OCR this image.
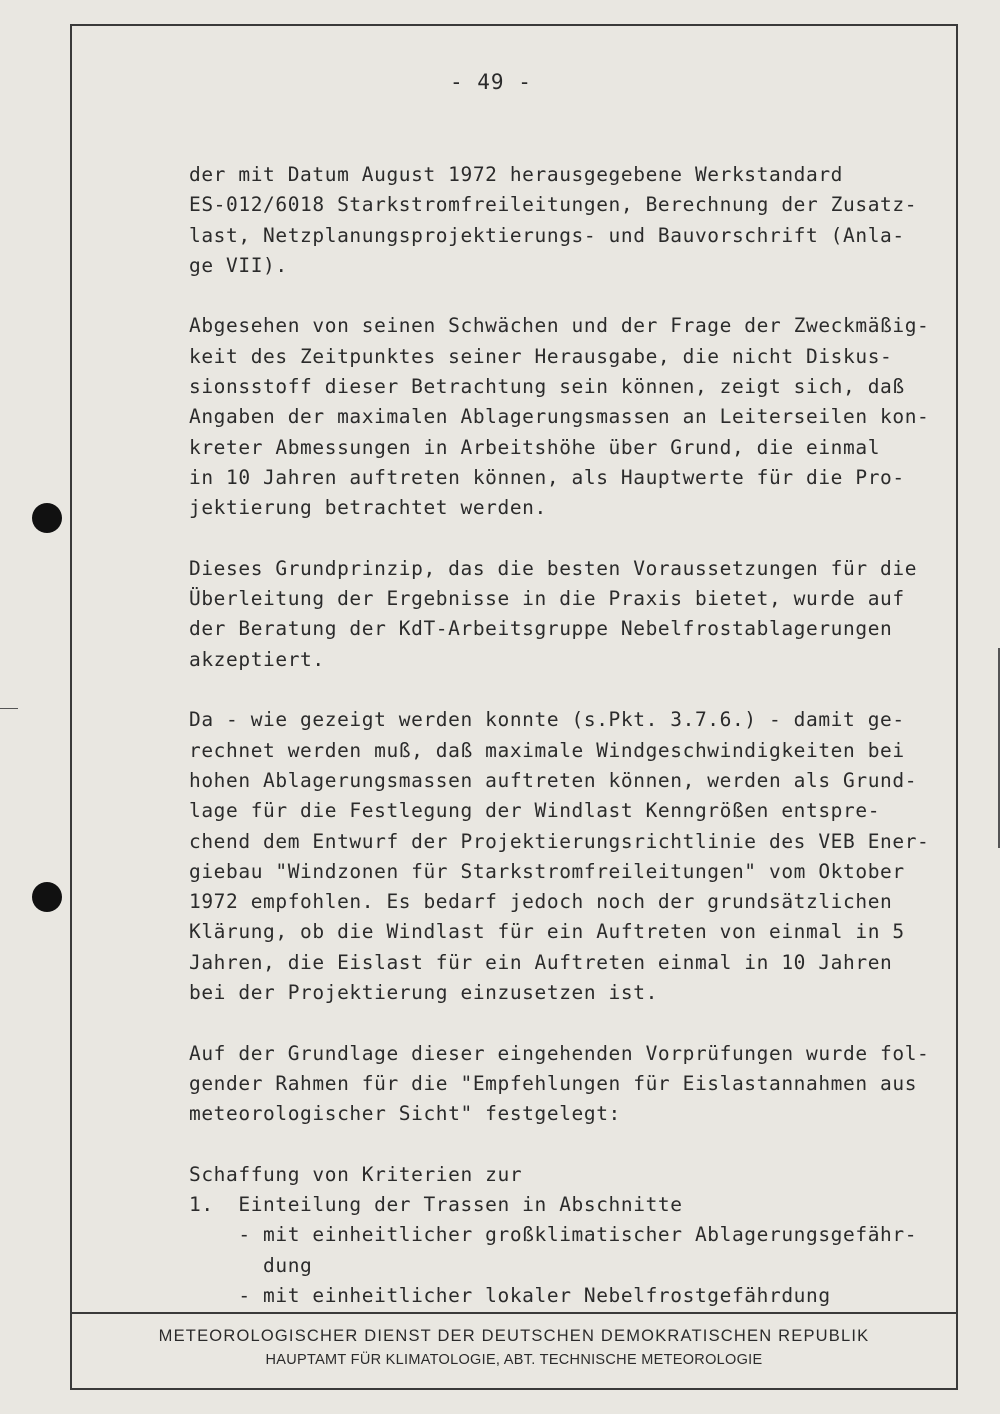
- 49 -
der mit Datum August 1972 herausgegebene Werkstandard
ES-012/6018 Starkstromfreileitungen, Berechnung der Zusatz-
last, Netzplanungsprojektierungs- und Bauvorschrift (Anla-
ge VII).
Abgesehen von seinen Schwächen und der Frage der Zweckmäßig-
keit des Zeitpunktes seiner Herausgabe, die nicht Diskus-
sionsstoff dieser Betrachtung sein können, zeigt sich, daß
Angaben der maximalen Ablagerungsmassen an Leiterseilen kon-
kreter Abmessungen in Arbeitshöhe über Grund, die einmal
in 10 Jahren auftreten können, als Hauptwerte für die Pro-
jektierung betrachtet werden.
Dieses Grundprinzip, das die besten Voraussetzungen für die
Überleitung der Ergebnisse in die Praxis bietet, wurde auf
der Beratung der KdT-Arbeitsgruppe Nebelfrostablagerungen
akzeptiert.
Da - wie gezeigt werden konnte (s.Pkt. 3.7.6.) - damit ge-
rechnet werden muß, daß maximale Windgeschwindigkeiten bei
hohen Ablagerungsmassen auftreten können, werden als Grund-
lage für die Festlegung der Windlast Kenngrößen entspre-
chend dem Entwurf der Projektierungsrichtlinie des VEB Ener-
giebau "Windzonen für Starkstromfreileitungen" vom Oktober
1972 empfohlen. Es bedarf jedoch noch der grundsätzlichen
Klärung, ob die Windlast für ein Auftreten von einmal in 5
Jahren, die Eislast für ein Auftreten einmal in 10 Jahren
bei der Projektierung einzusetzen ist.
Auf der Grundlage dieser eingehenden Vorprüfungen wurde fol-
gender Rahmen für die "Empfehlungen für Eislastannahmen aus
meteorologischer Sicht" festgelegt:
Schaffung von Kriterien zur
1.  Einteilung der Trassen in Abschnitte
- mit einheitlicher großklimatischer Ablagerungsgefähr-
dung
- mit einheitlicher lokaler Nebelfrostgefährdung
METEOROLOGISCHER DIENST DER DEUTSCHEN DEMOKRATISCHEN REPUBLIK
HAUPTAMT FÜR KLIMATOLOGIE, ABT. TECHNISCHE METEOROLOGIE
